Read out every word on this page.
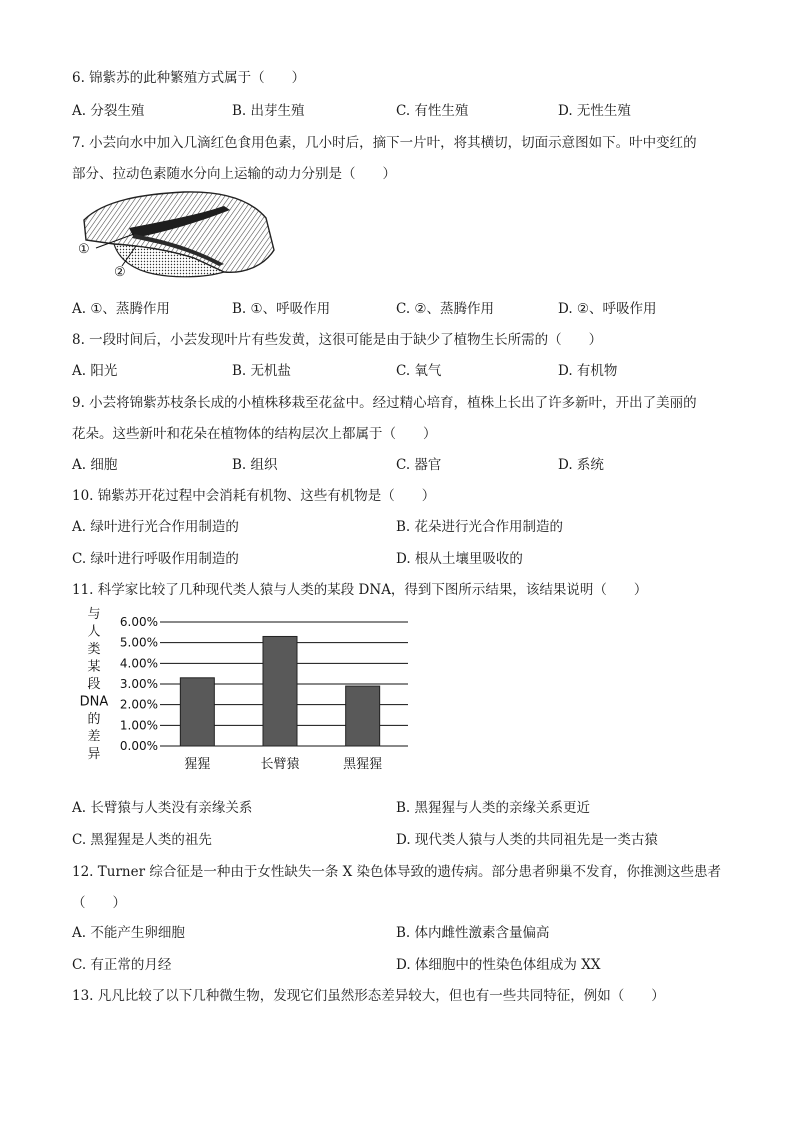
6. 锦紫苏的此种繁殖方式属于（　　）
A. 分裂生殖	B. 出芽生殖	C. 有性生殖	D. 无性生殖
7. 小芸向水中加入几滴红色食用色素，几小时后，摘下一片叶，将其横切，切面示意图如下。叶中变红的
部分、拉动色素随水分向上运输的动力分别是（　　）
①
②
A. ①、蒸腾作用	B. ①、呼吸作用	C. ②、蒸腾作用	D. ②、呼吸作用
8. 一段时间后，小芸发现叶片有些发黄，这很可能是由于缺少了植物生长所需的（　　）
A. 阳光	B. 无机盐	C. 氧气	D. 有机物
9. 小芸将锦紫苏枝条长成的小植株移栽至花盆中。经过精心培育，植株上长出了许多新叶，开出了美丽的
花朵。这些新叶和花朵在植物体的结构层次上都属于（　　）
A. 细胞	B. 组织	C. 器官	D. 系统
10. 锦紫苏开花过程中会消耗有机物、这些有机物是（　　）
A. 绿叶进行光合作用制造的	B. 花朵进行光合作用制造的
C. 绿叶进行呼吸作用制造的	D. 根从土壤里吸收的
11. 科学家比较了几种现代类人猿与人类的某段 DNA，得到下图所示结果，该结果说明（　　）
与
人
类
某
段
DNA
的
差
异
0.00%
1.00%
2.00%
3.00%
4.00%
5.00%
6.00%
猩猩	长臂猿	黑猩猩
A. 长臂猿与人类没有亲缘关系	B. 黑猩猩与人类的亲缘关系更近
C. 黑猩猩是人类的祖先	D. 现代类人猿与人类的共同祖先是一类古猿
12. Turner 综合征是一种由于女性缺失一条 X 染色体导致的遗传病。部分患者卵巢不发育，你推测这些患者
（　　）
A. 不能产生卵细胞	B. 体内雌性激素含量偏高
C. 有正常的月经	D. 体细胞中的性染色体组成为 XX
13. 凡凡比较了以下几种微生物，发现它们虽然形态差异较大，但也有一些共同特征，例如（　　）
